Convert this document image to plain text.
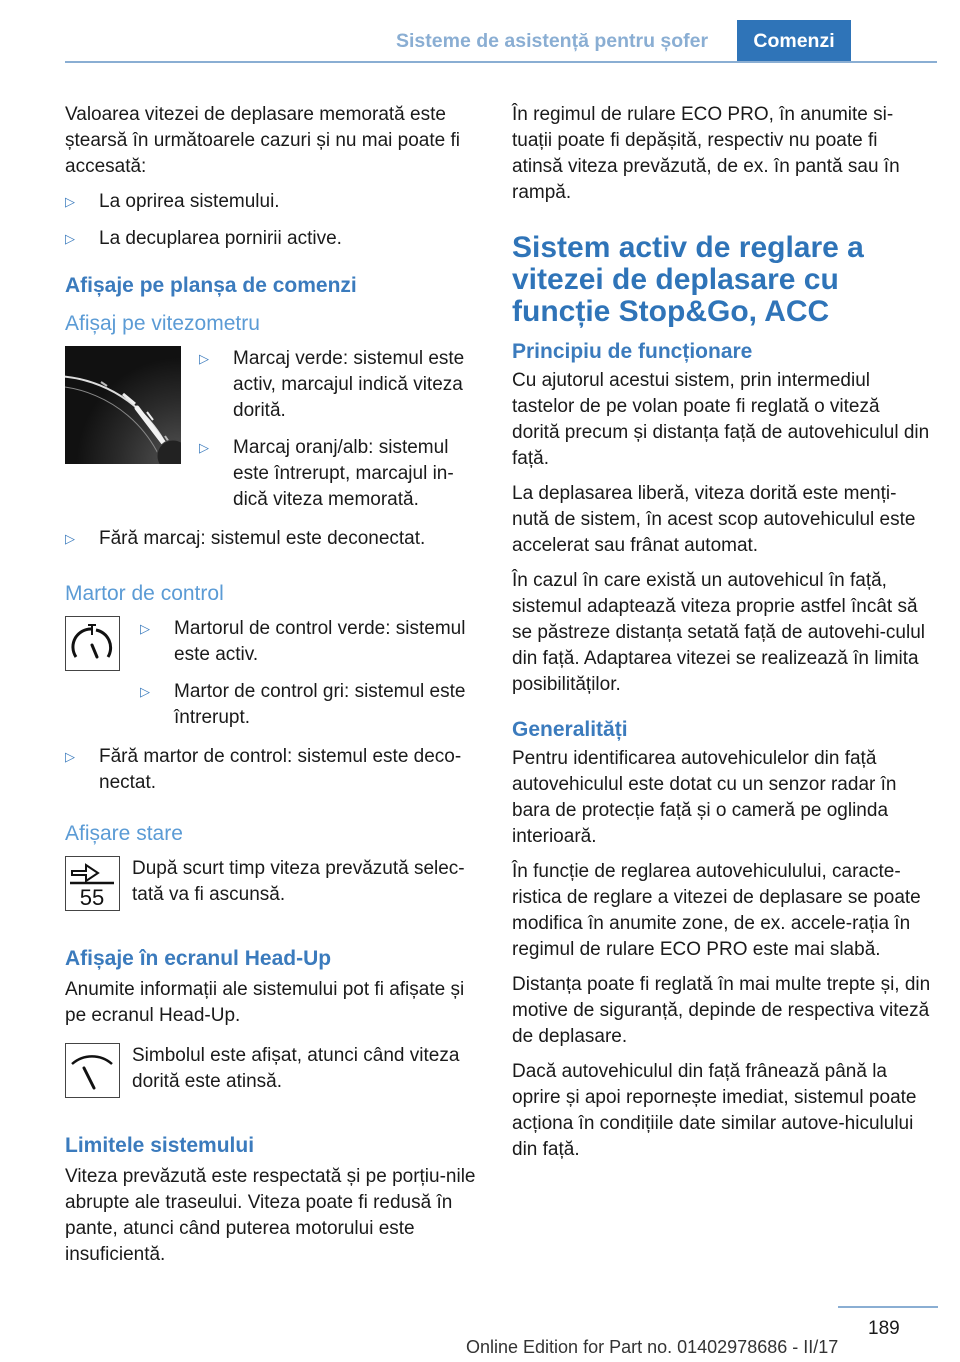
Sisteme de asistență pentru șofer	Comenzi

Valoarea vitezei de deplasare memorată este ștearsă în următoarele cazuri și nu mai poate fi accesată:

▷ La oprirea sistemului.
▷ La decuplarea pornirii active.
Afișaje pe planșa de comenzi
Afișaj pe vitezometru
▷ Marcaj verde: sistemul este activ, marcajul indică viteza dorită.
▷ Marcaj oranj/alb: sistemul este întrerupt, marcajul in-dică viteza memorată.
▷ Fără marcaj: sistemul este deconectat.
Martor de control
▷ Martorul de control verde: sistemul este activ.
▷ Martor de control gri: sistemul este întrerupt.
▷ Fără martor de control: sistemul este deco-nectat.
Afișare stare
55

După scurt timp viteza prevăzută selec-tată va fi ascunsă.

Afișaje în ecranul Head-Up

Anumite informații ale sistemului pot fi afișate și pe ecranul Head-Up.

Simbolul este afișat, atunci când viteza dorită este atinsă.

Limitele sistemului

Viteza prevăzută este respectată și pe porțiu-nile abrupte ale traseului. Viteza poate fi redusă în pante, atunci când puterea motorului este insuficientă.

În regimul de rulare ECO PRO, în anumite si-tuații poate fi depășită, respectiv nu poate fi atinsă viteza prevăzută, de ex. în pantă sau în rampă.

Sistem activ de reglare a vitezei de deplasare cu funcție Stop&Go, ACC
Principiu de funcționare

Cu ajutorul acestui sistem, prin intermediul tastelor de pe volan poate fi reglată o viteză dorită precum și distanța față de autovehiculul din față.

La deplasarea liberă, viteza dorită este menți-nută de sistem, în acest scop autovehiculul este accelerat sau frânat automat.

În cazul în care există un autovehicul în față, sistemul adaptează viteza proprie astfel încât să se păstreze distanța setată față de autovehi-culul din față. Adaptarea vitezei se realizează în limita posibilităților.

Generalități

Pentru identificarea autovehiculelor din față autovehiculul este dotat cu un senzor radar în bara de protecție față și o cameră pe oglinda interioară.

În funcție de reglarea autovehiculului, caracte-ristica de reglare a vitezei de deplasare se poate modifica în anumite zone, de ex. accele-rația în regimul de rulare ECO PRO este mai slabă.

Distanța poate fi reglată în mai multe trepte și, din motive de siguranță, depinde de respectiva viteză de deplasare.

Dacă autovehiculul din față frânează până la oprire și apoi repornește imediat, sistemul poate acționa în condițiile date similar autove-hiculului din față.

189
Online Edition for Part no. 01402978686 - II/17
